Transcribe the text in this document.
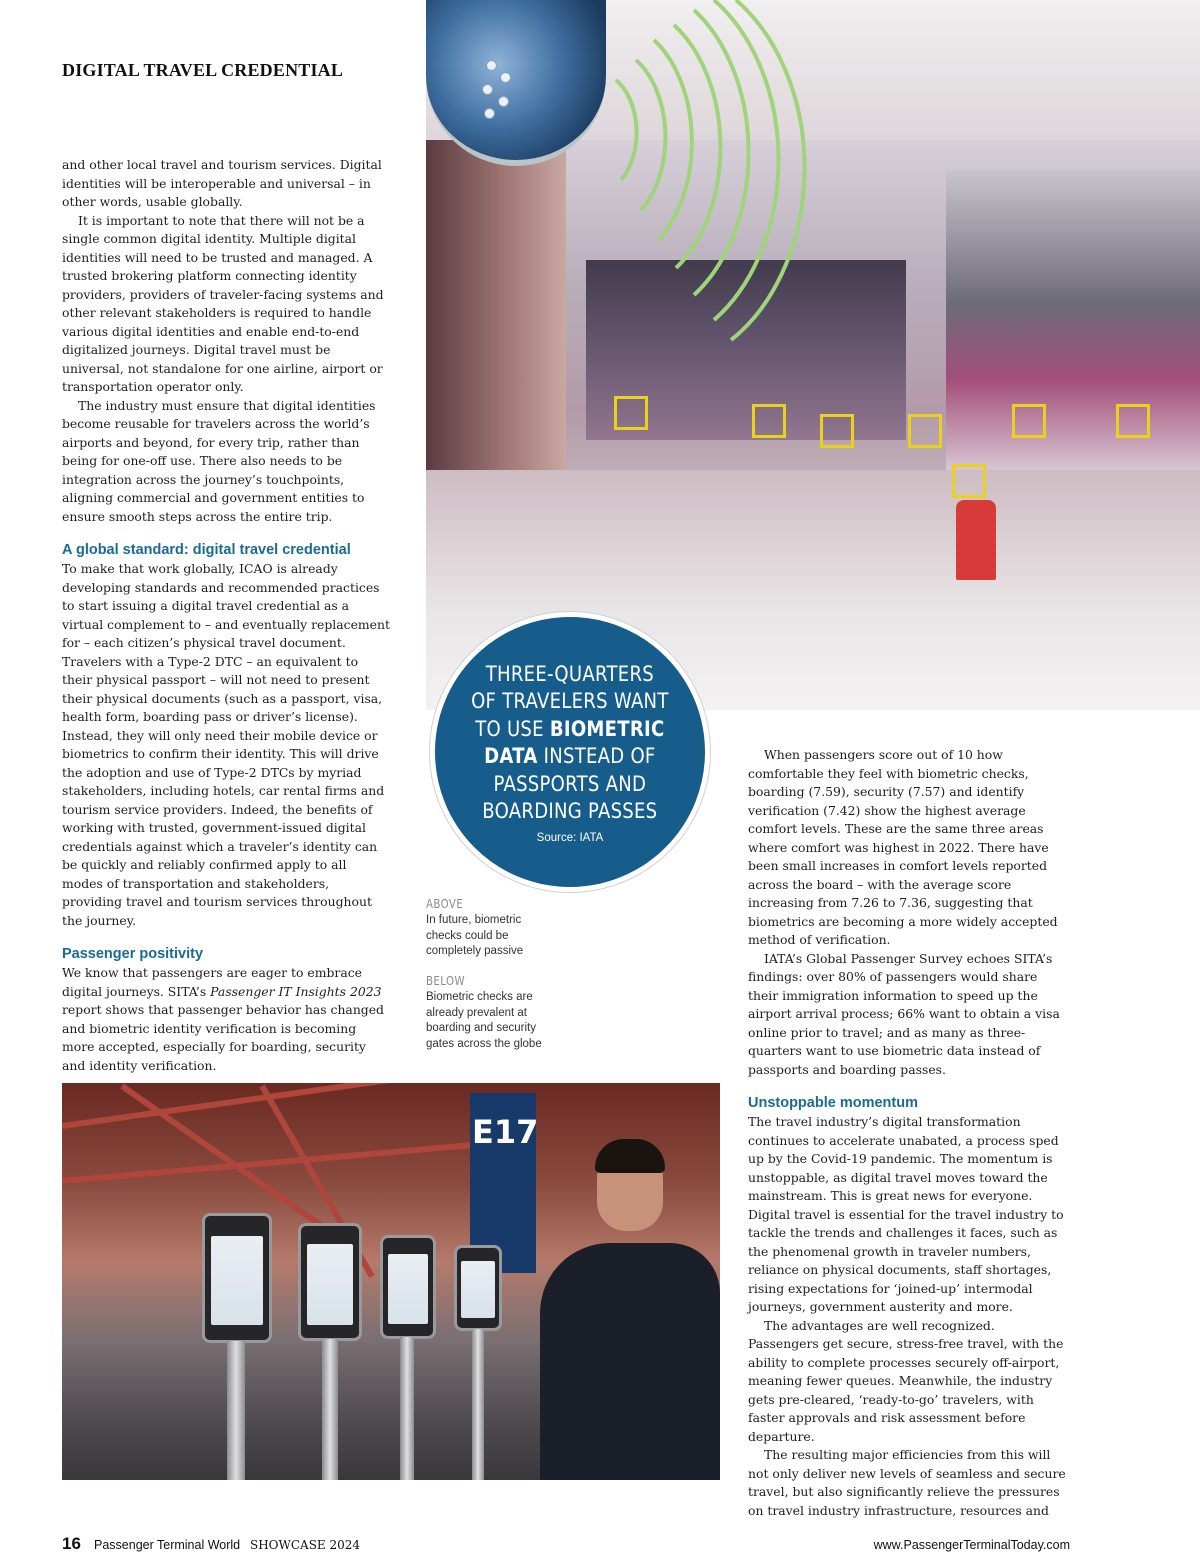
DIGITAL TRAVEL CREDENTIAL
THREE-QUARTERS
OF TRAVELERS WANT
TO USE BIOMETRIC
DATA INSTEAD OF
PASSPORTS AND
BOARDING PASSES
Source: IATA

and other local travel and tourism services. Digital identities will be interoperable and universal – in other words, usable globally.

It is important to note that there will not be a single common digital identity. Multiple digital identities will need to be trusted and managed. A trusted brokering platform connecting identity providers, providers of traveler-facing systems and other relevant stakeholders is required to handle various digital identities and enable end-to-end digitalized journeys. Digital travel must be universal, not standalone for one airline, airport or transportation operator only.

The industry must ensure that digital identities become reusable for travelers across the world’s airports and beyond, for every trip, rather than being for one-off use. There also needs to be integration across the journey’s touchpoints, aligning commercial and government entities to ensure smooth steps across the entire trip.

A global standard: digital travel credential

To make that work globally, ICAO is already developing standards and recommended practices to start issuing a digital travel credential as a virtual complement to – and eventually replacement for – each citizen’s physical travel document. Travelers with a Type-2 DTC – an equivalent to their physical passport – will not need to present their physical documents (such as a passport, visa, health form, boarding pass or driver’s license). Instead, they will only need their mobile device or biometrics to confirm their identity. This will drive the adoption and use of Type-2 DTCs by myriad stakeholders, including hotels, car rental firms and tourism service providers. Indeed, the benefits of working with trusted, government-issued digital credentials against which a traveler’s identity can be quickly and reliably confirmed apply to all modes of transportation and stakeholders, providing travel and tourism services throughout the journey.

Passenger positivity

We know that passengers are eager to embrace digital journeys. SITA’s Passenger IT Insights 2023 report shows that passenger behavior has changed and biometric identity verification is becoming more accepted, especially for boarding, security and identity verification.

ABOVE
In future, biometric checks could be completely passive
BELOW
Biometric checks are already prevalent at boarding and security gates across the globe

When passengers score out of 10 how comfortable they feel with biometric checks, boarding (7.59), security (7.57) and identify verification (7.42) show the highest average comfort levels. These are the same three areas where comfort was highest in 2022. There have been small increases in comfort levels reported across the board – with the average score increasing from 7.26 to 7.36, suggesting that biometrics are becoming a more widely accepted method of verification.

IATA’s Global Passenger Survey echoes SITA’s findings: over 80% of passengers would share their immigration information to speed up the airport arrival process; 66% want to obtain a visa online prior to travel; and as many as three-quarters want to use biometric data instead of passports and boarding passes.

Unstoppable momentum

The travel industry’s digital transformation continues to accelerate unabated, a process sped up by the Covid-19 pandemic. The momentum is unstoppable, as digital travel moves toward the mainstream. This is great news for everyone. Digital travel is essential for the travel industry to tackle the trends and challenges it faces, such as the phenomenal growth in traveler numbers, reliance on physical documents, staff shortages, rising expectations for ‘joined-up’ intermodal journeys, government austerity and more.

The advantages are well recognized. Passengers get secure, stress-free travel, with the ability to complete processes securely off-airport, meaning fewer queues. Meanwhile, the industry gets pre-cleared, ‘ready-to-go’ travelers, with faster approvals and risk assessment before departure.

The resulting major efficiencies from this will not only deliver new levels of seamless and secure travel, but also significantly relieve the pressures on travel industry infrastructure, resources and

E17
16 Passenger Terminal World SHOWCASE 2024	www.PassengerTerminalToday.com
